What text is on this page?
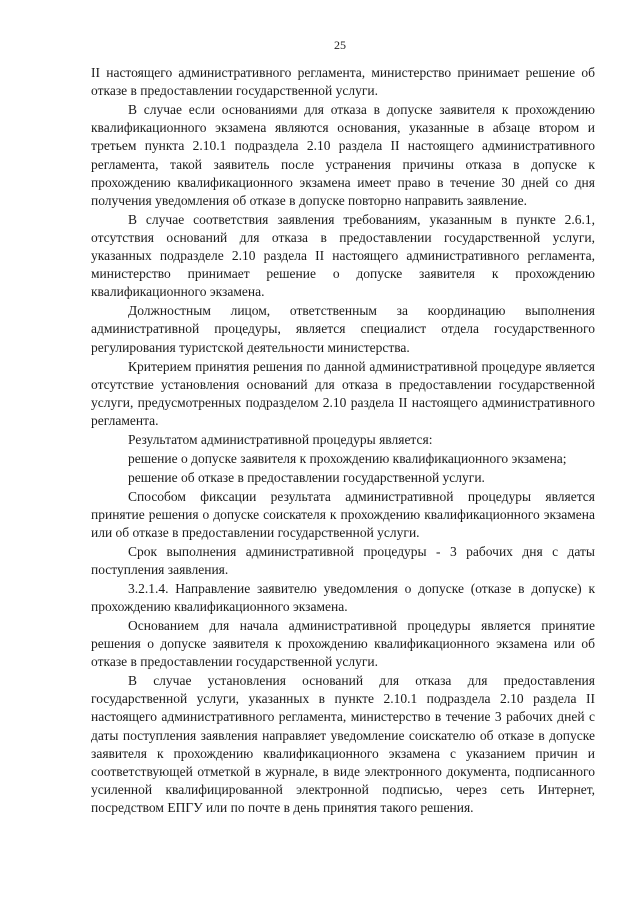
25

II настоящего административного регламента, министерство принимает решение об отказе в предоставлении государственной услуги.

В случае если основаниями для отказа в допуске заявителя к прохождению квалификационного экзамена являются основания, указанные в абзаце втором и третьем пункта 2.10.1 подраздела 2.10 раздела II настоящего административного регламента, такой заявитель после устранения причины отказа в допуске к прохождению квалификационного экзамена имеет право в течение 30 дней со дня получения уведомления об отказе в допуске повторно направить заявление.

В случае соответствия заявления требованиям, указанным в пункте 2.6.1, отсутствия оснований для отказа в предоставлении государственной услуги, указанных подразделе 2.10 раздела II настоящего административного регламента, министерство принимает решение о допуске заявителя к прохождению квалификационного экзамена.

Должностным лицом, ответственным за координацию выполнения административной процедуры, является специалист отдела государственного регулирования туристской деятельности министерства.

Критерием принятия решения по данной административной процедуре является отсутствие установления оснований для отказа в предоставлении государственной услуги, предусмотренных подразделом 2.10 раздела II настоящего административного регламента.

Результатом административной процедуры является:

решение о допуске заявителя к прохождению квалификационного экзамена;

решение об отказе в предоставлении государственной услуги.

Способом фиксации результата административной процедуры является принятие решения о допуске соискателя к прохождению квалификационного экзамена или об отказе в предоставлении государственной услуги.

Срок выполнения административной процедуры - 3 рабочих дня с даты поступления заявления.

3.2.1.4. Направление заявителю уведомления о допуске (отказе в допуске) к прохождению квалификационного экзамена.

Основанием для начала административной процедуры является принятие решения о допуске заявителя к прохождению квалификационного экзамена или об отказе в предоставлении государственной услуги.

В случае установления оснований для отказа для предоставления государственной услуги, указанных в пункте 2.10.1 подраздела 2.10 раздела II настоящего административного регламента, министерство в течение 3 рабочих дней с даты поступления заявления направляет уведомление соискателю об отказе в допуске заявителя к прохождению квалификационного экзамена с указанием причин и соответствующей отметкой в журнале, в виде электронного документа, подписанного усиленной квалифицированной электронной подписью, через сеть Интернет, посредством ЕПГУ или по почте в день принятия такого решения.
